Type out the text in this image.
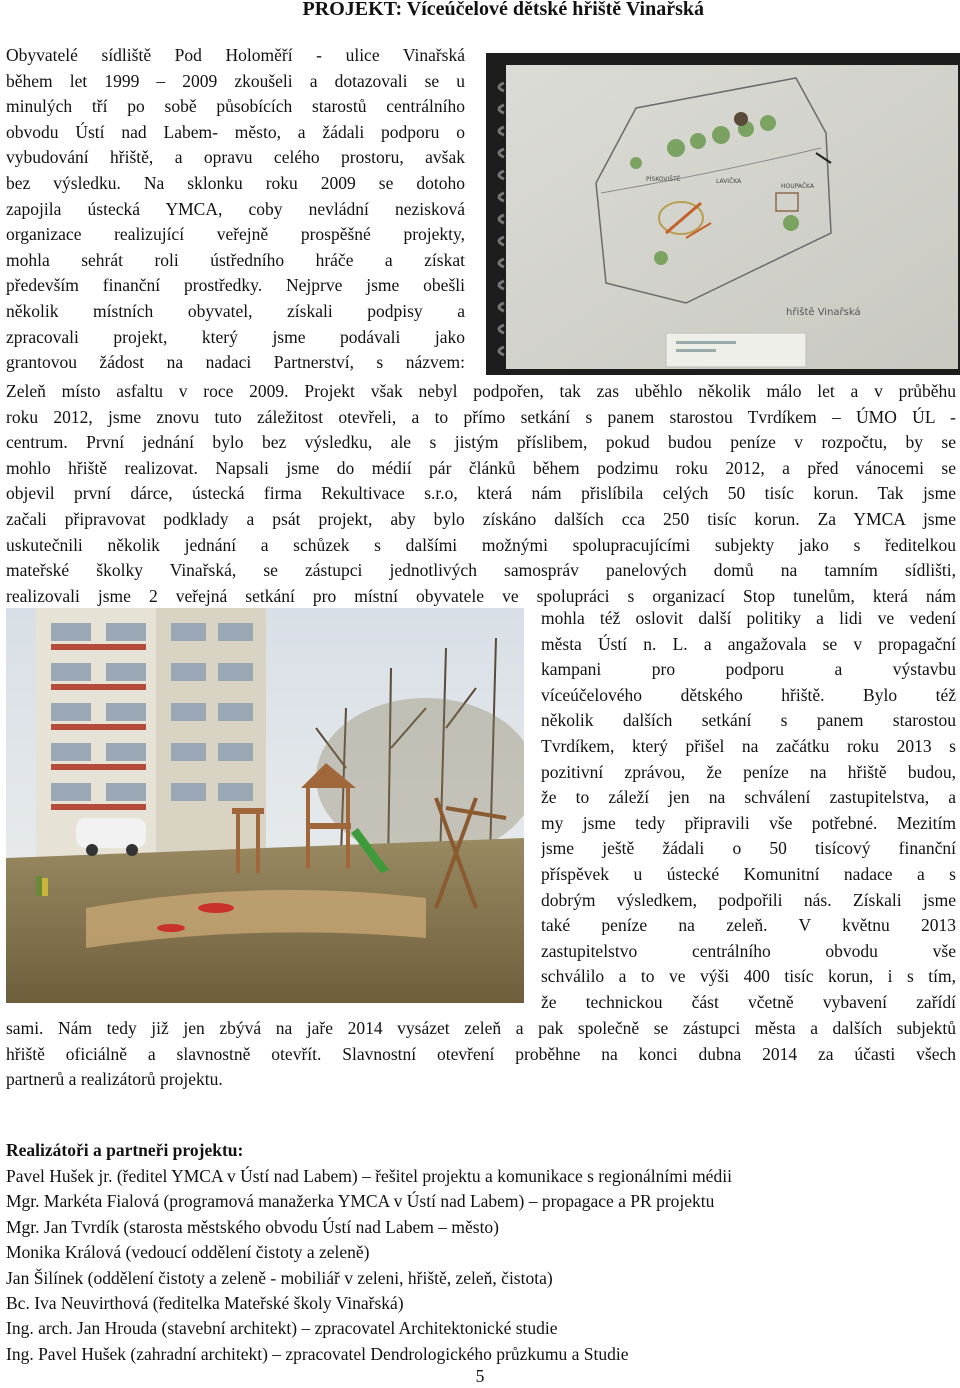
PROJEKT: Víceúčelové dětské hřiště Vinařská
Obyvatelé sídliště Pod Holoměří - ulice Vinařská
během let 1999 – 2009 zkoušeli a dotazovali se u
minulých tří po sobě působících starostů centrálního
obvodu Ústí nad Labem- město, a žádali podporu o
vybudování hřiště, a opravu celého prostoru, avšak
bez výsledku. Na sklonku roku 2009 se dotoho
zapojila ústecká YMCA, coby nevládní nezisková
organizace realizující veřejně prospěšné projekty,
mohla sehrát roli ústředního hráče a získat
především finanční prostředky. Nejprve jsme obešli
několik místních obyvatel, získali podpisy a
zpracovali projekt, který jsme podávali jako
grantovou žádost na nadaci Partnerství, s názvem:
PÍSKOVIŠTĚ	LAVIČKA
HOUPAČKA
hřiště Vinařská
Zeleň místo asfaltu v roce 2009. Projekt však nebyl podpořen, tak zas uběhlo několik málo let a v průběhu
roku 2012, jsme znovu tuto záležitost otevřeli, a to přímo setkání s panem starostou Tvrdíkem – ÚMO ÚL -
centrum. První jednání bylo bez výsledku, ale s jistým příslibem, pokud budou peníze v rozpočtu, by se
mohlo hřiště realizovat. Napsali jsme do médií pár článků během podzimu roku 2012, a před vánocemi se
objevil první dárce, ústecká firma Rekultivace s.r.o, která nám přislíbila celých 50 tisíc korun. Tak jsme
začali připravovat podklady a psát projekt, aby bylo získáno dalších cca 250 tisíc korun. Za YMCA jsme
uskutečnili několik jednání a schůzek s dalšími možnými spolupracujícími subjekty jako s ředitelkou
mateřské školky Vinařská, se zástupci jednotlivých samospráv panelových domů na tamním sídlišti,
realizovali jsme 2 veřejná setkání pro místní obyvatele ve spolupráci s organizací Stop tunelům, která nám
mohla též oslovit další politiky a lidi ve vedení
města Ústí n. L. a angažovala se v propagační
kampani pro podporu a výstavbu
víceúčelového dětského hřiště. Bylo též
několik dalších setkání s panem starostou
Tvrdíkem, který přišel na začátku roku 2013 s
pozitivní zprávou, že peníze na hřiště budou,
že to záleží jen na schválení zastupitelstva, a
my jsme tedy připravili vše potřebné. Mezitím
jsme ještě žádali o 50 tisícový finanční
příspěvek u ústecké Komunitní nadace a s
dobrým výsledkem, podpořili nás. Získali jsme
také peníze na zeleň. V květnu 2013
zastupitelstvo centrálního obvodu vše
schválilo a to ve výši 400 tisíc korun, i s tím,
že technickou část včetně vybavení zařídí
sami. Nám tedy již jen zbývá na jaře 2014 vysázet zeleň a pak společně se zástupci města a dalších subjektů
hřiště oficiálně a slavnostně otevřít. Slavnostní otevření proběhne na konci dubna 2014 za účasti všech
partnerů a realizátorů projektu.
Realizátoři a partneři projektu:
Pavel Hušek jr. (ředitel YMCA v Ústí nad Labem) – řešitel projektu a komunikace s regionálními médii
Mgr. Markéta Fialová (programová manažerka YMCA v Ústí nad Labem) – propagace a PR projektu
Mgr. Jan Tvrdík (starosta městského obvodu Ústí nad Labem – město)
Monika Králová (vedoucí oddělení čistoty a zeleně)
Jan Šilínek (oddělení čistoty a zeleně - mobiliář v zeleni, hřiště, zeleň, čistota)
Bc. Iva Neuvirthová (ředitelka Mateřské školy Vinařská)
Ing. arch. Jan Hrouda (stavební architekt) – zpracovatel Architektonické studie
Ing. Pavel Hušek (zahradní architekt) – zpracovatel Dendrologického průzkumu a Studie
5
